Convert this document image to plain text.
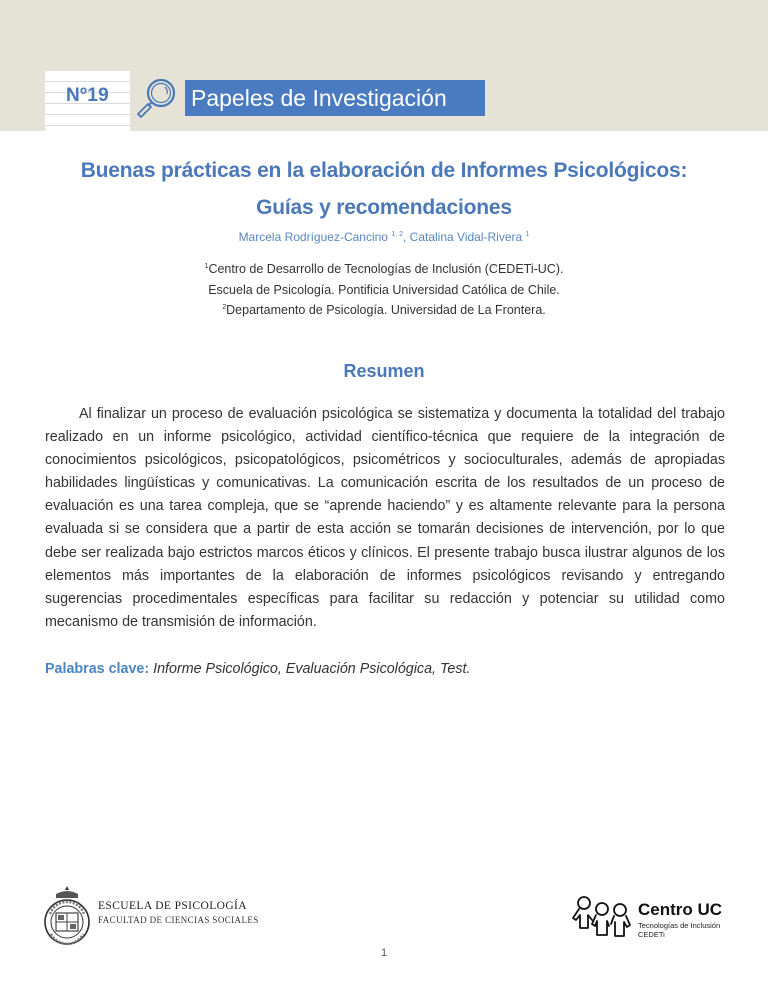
Nº19	Papeles de Investigación
Buenas prácticas en la elaboración de Informes Psicológicos:
Guías y recomendaciones
Marcela Rodríguez-Cancino $^{1, 2}$, Catalina Vidal-Rivera $^1$
$^1$Centro de Desarrollo de Tecnologías de Inclusión (CEDETi-UC).
Escuela de Psicología. Pontificia Universidad Católica de Chile.
$^2$Departamento de Psicología. Universidad de La Frontera.
Resumen

Al finalizar un proceso de evaluación psicológica se sistematiza y documenta la totalidad del trabajo realizado en un informe psicológico, actividad científico-técnica que requiere de la integración de conocimientos psicológicos, psicopatológicos, psicométricos y socioculturales, además de apropiadas habilidades lingüísticas y comunicativas. La comunicación escrita de los resultados de un proceso de evaluación es una tarea compleja, que se “aprende haciendo” y es altamente relevante para la persona evaluada si se considera que a partir de esta acción se tomarán decisiones de intervención, por lo que debe ser realizada bajo estrictos marcos éticos y clínicos. El presente trabajo busca ilustrar algunos de los elementos más importantes de la elaboración de informes psicológicos revisando y entregando sugerencias procedimentales específicas para facilitar su redacción y potenciar su utilidad como mecanismo de transmisión de información.

Palabras clave: Informe Psicológico, Evaluación Psicológica, Test.
ESCUELA DE PSICOLOGÍA
FACULTAD DE CIENCIAS SOCIALES
Centro UC
Tecnologías de Inclusión
CEDETi
1
